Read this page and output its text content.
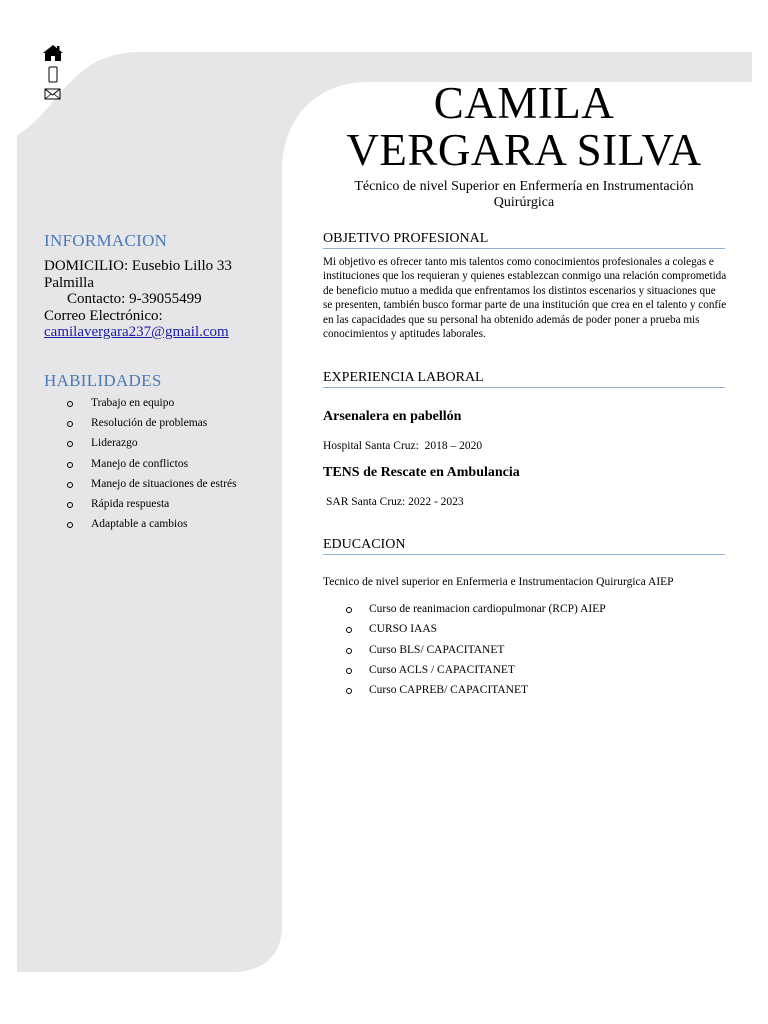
CAMILA
VERGARA SILVA
Técnico de nivel Superior en Enfermería en Instrumentación Quirúrgica
INFORMACION
DOMICILIO: Eusebio Lillo 33
Palmilla
Contacto: 9-39055499
Correo Electrónico:
camilavergara237@gmail.com
HABILIDADES
Trabajo en equipo
Resolución de problemas
Liderazgo
Manejo de conflictos
Manejo de situaciones de estrés
Rápida respuesta
Adaptable a cambios
OBJETIVO PROFESIONAL

Mi objetivo es ofrecer tanto mis talentos como conocimientos profesionales a colegas e instituciones que los requieran y quienes establezcan conmigo una relación comprometida de beneficio mutuo a medida que enfrentamos los distintos escenarios y situaciones que se presenten, también busco formar parte de una institución que crea en el talento y confíe en las capacidades que su personal ha obtenido además de poder poner a prueba mis conocimientos y aptitudes laborales.

EXPERIENCIA LABORAL
Arsenalera en pabellón
Hospital Santa Cruz:  2018 – 2020
TENS de Rescate en Ambulancia
SAR Santa Cruz: 2022 - 2023
EDUCACION
Tecnico de nivel superior en Enfermeria e Instrumentacion Quirurgica AIEP
Curso de reanimacion cardiopulmonar (RCP) AIEP
CURSO IAAS
Curso BLS/ CAPACITANET
Curso ACLS / CAPACITANET
Curso CAPREB/ CAPACITANET
